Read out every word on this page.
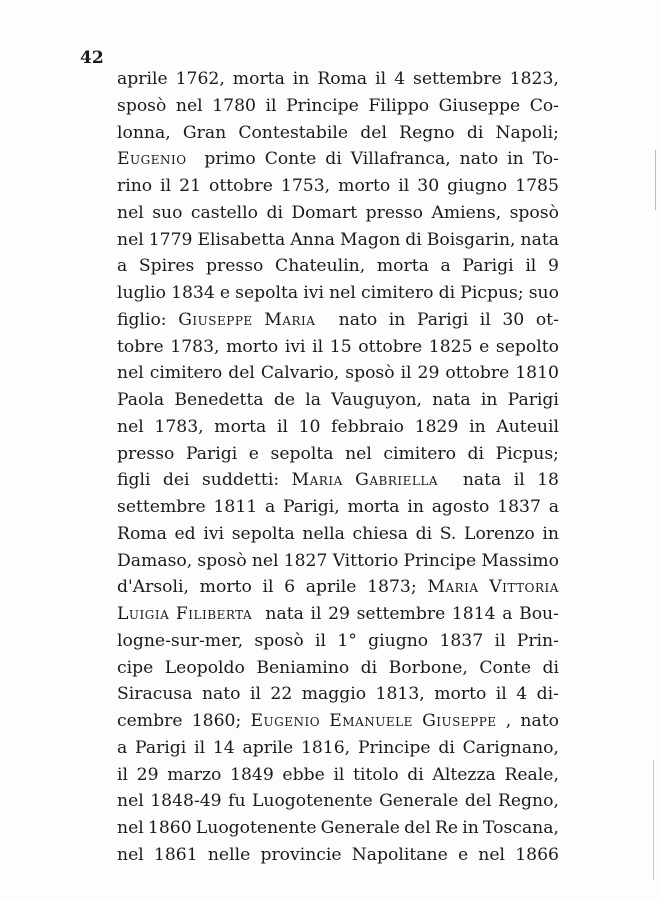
42
aprile 1762, morta in Roma il 4 settembre 1823,
sposò nel 1780 il Principe Filippo Giuseppe Co-
lonna, Gran Contestabile del Regno di Napoli;
Eugenio primo Conte di Villafranca, nato in To-
rino il 21 ottobre 1753, morto il 30 giugno 1785
nel suo castello di Domart presso Amiens, sposò
nel 1779 Elisabetta Anna Magon di Boisgarin, nata
a Spires presso Chateulin, morta a Parigi il 9
luglio 1834 e sepolta ivi nel cimitero di Picpus; suo
figlio: Giuseppe Maria nato in Parigi il 30 ot-
tobre 1783, morto ivi il 15 ottobre 1825 e sepolto
nel cimitero del Calvario, sposò il 29 ottobre 1810
Paola Benedetta de la Vauguyon, nata in Parigi
nel 1783, morta il 10 febbraio 1829 in Auteuil
presso Parigi e sepolta nel cimitero di Picpus;
figli dei suddetti: Maria Gabriella nata il 18
settembre 1811 a Parigi, morta in agosto 1837 a
Roma ed ivi sepolta nella chiesa di S. Lorenzo in
Damaso, sposò nel 1827 Vittorio Principe Massimo
d'Arsoli, morto il 6 aprile 1873; Maria Vittoria
Luigia Filiberta nata il 29 settembre 1814 a Bou-
logne-sur-mer, sposò il 1° giugno 1837 il Prin-
cipe Leopoldo Beniamino di Borbone, Conte di
Siracusa nato il 22 maggio 1813, morto il 4 di-
cembre 1860; Eugenio Emanuele Giuseppe , nato
a Parigi il 14 aprile 1816, Principe di Carignano,
il 29 marzo 1849 ebbe il titolo di Altezza Reale,
nel 1848-49 fu Luogotenente Generale del Regno,
nel 1860 Luogotenente Generale del Re in Toscana,
nel 1861 nelle provincie Napolitane e nel 1866
